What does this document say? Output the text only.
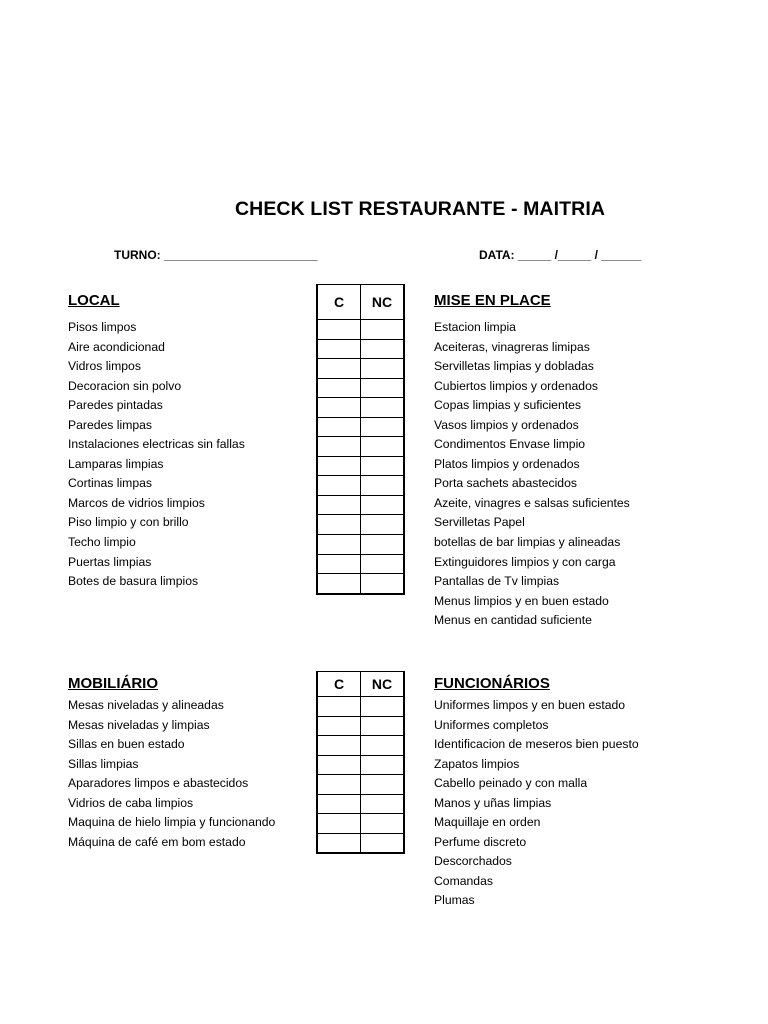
CHECK LIST RESTAURANTE - MAITRIA
TURNO: _______________________	DATA: _____ /_____ / ______
LOCAL
Pisos limpos
Aire acondicionad
Vidros limpos
Decoracion sin polvo
Paredes pintadas
Paredes limpas
Instalaciones electricas sin fallas
Lamparas limpias
Cortinas limpas
Marcos de vidrios limpios
Piso limpio y con brillo
Techo limpio
Puertas limpias
Botes de basura limpios
C	NC

		MISE EN PLACE
Estacion limpia
Aceiteras, vinagreras limipas
Servilletas limpias y dobladas
Cubiertos limpios y ordenados
Copas limpias y suficientes
Vasos limpios y ordenados
Condimentos Envase limpio
Platos limpios y ordenados
Porta sachets abastecidos
Azeite, vinagres e salsas suficientes
Servilletas Papel
botellas de bar limpias y alineadas
Extinguidores limpios y con carga
Pantallas de Tv limpias
Menus limpios y en buen estado
Menus en cantidad suficiente
MOBILIÁRIO
Mesas niveladas y alineadas
Mesas niveladas y limpias
Sillas en buen estado
Sillas limpias
Aparadores limpos e abastecidos
Vidrios de caba limpios
Maquina de hielo limpia y funcionando
Máquina de café em bom estado
C	NC

		FUNCIONÁRIOS
Uniformes limpos y en buen estado
Uniformes completos
Identificacion de meseros bien puesto
Zapatos limpios
Cabello peinado y con malla
Manos y uñas limpias
Maquillaje en orden
Perfume discreto
Descorchados
Comandas
Plumas
